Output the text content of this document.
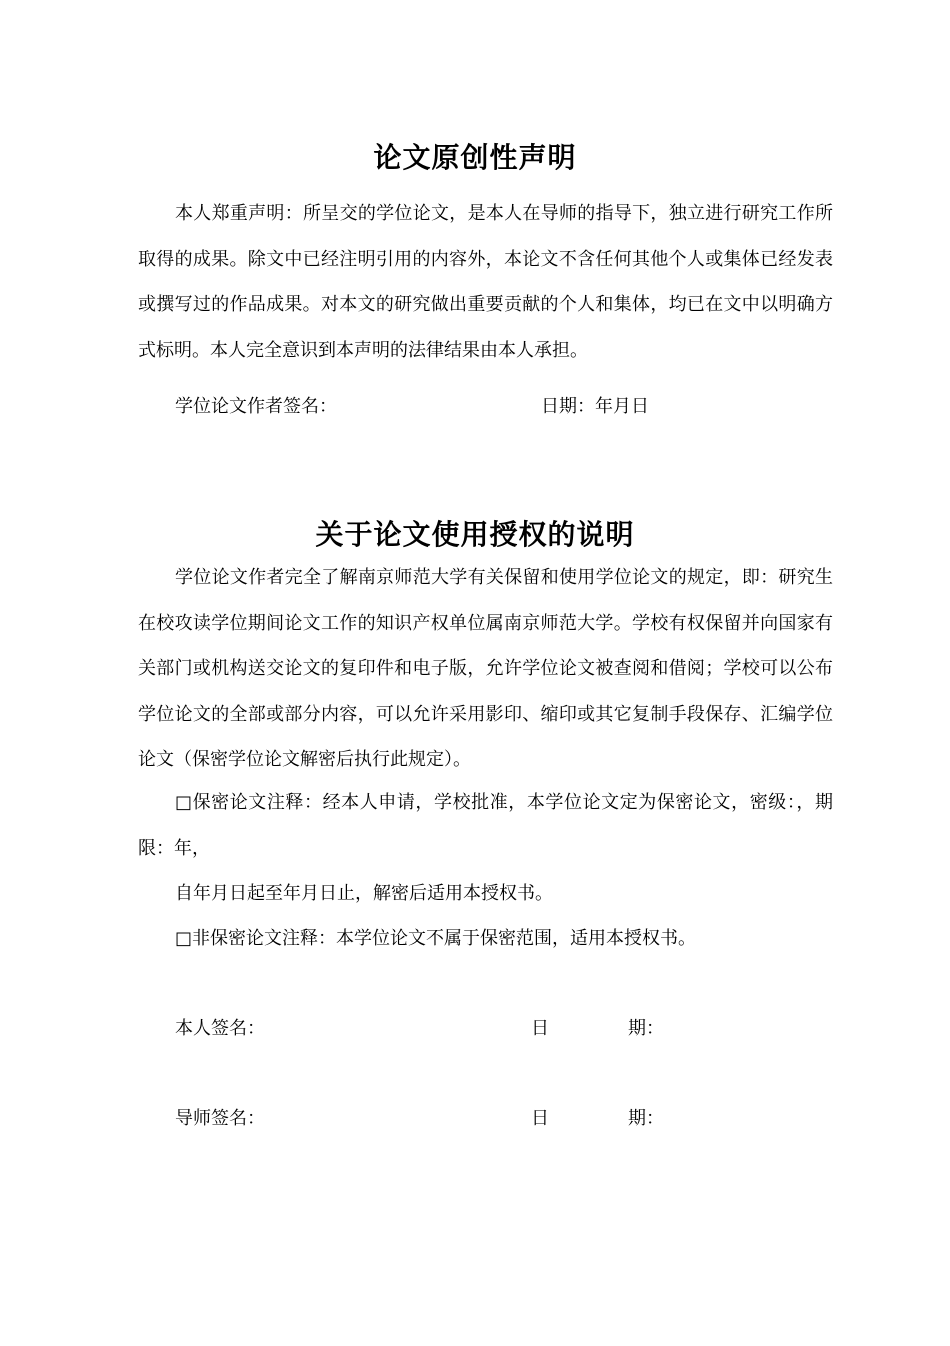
论文原创性声明

本人郑重声明：所呈交的学位论文，是本人在导师的指导下，独立进行研究工作所取得的成果。除文中已经注明引用的内容外，本论文不含任何其他个人或集体已经发表或撰写过的作品成果。对本文的研究做出重要贡献的个人和集体，均已在文中以明确方式标明。本人完全意识到本声明的法律结果由本人承担。

学位论文作者签名：	日期：年月日
关于论文使用授权的说明

学位论文作者完全了解南京师范大学有关保留和使用学位论文的规定，即：研究生在校攻读学位期间论文工作的知识产权单位属南京师范大学。学校有权保留并向国家有关部门或机构送交论文的复印件和电子版，允许学位论文被查阅和借阅；学校可以公布学位论文的全部或部分内容，可以允许采用影印、缩印或其它复制手段保存、汇编学位论文（保密学位论文解密后执行此规定）。

□保密论文注释：经本人申请，学校批准，本学位论文定为保密论文，密级：，期限：年，

自年月日起至年月日止，解密后适用本授权书。
□非保密论文注释：本学位论文不属于保密范围，适用本授权书。
本人签名：	日	期：
导师签名：	日	期：
